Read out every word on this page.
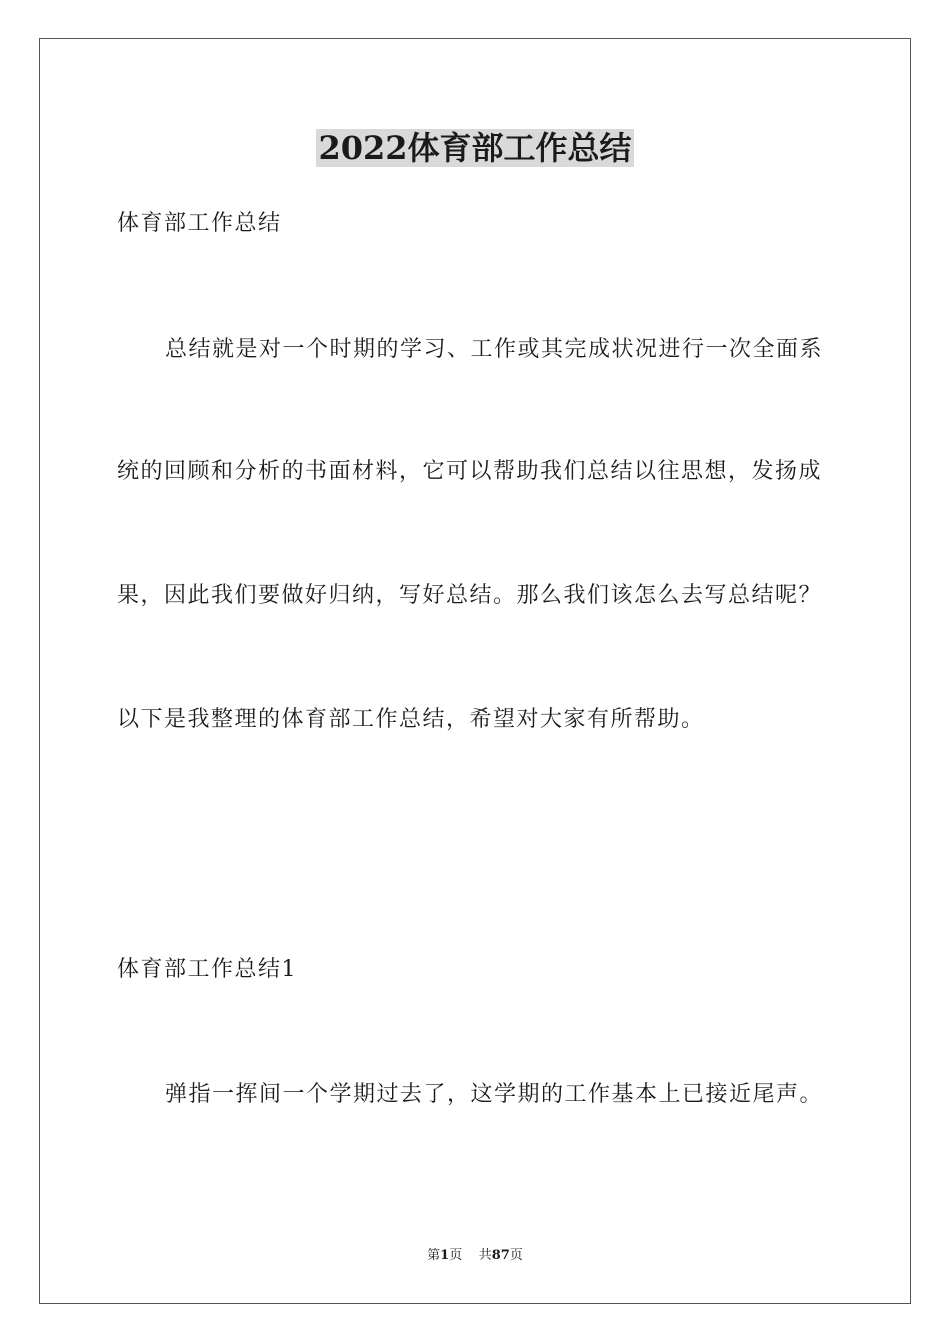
2022体育部工作总结
体育部工作总结
总结就是对一个时期的学习、工作或其完成状况进行一次全面系
统的回顾和分析的书面材料，它可以帮助我们总结以往思想，发扬成
果，因此我们要做好归纳，写好总结。那么我们该怎么去写总结呢？
以下是我整理的体育部工作总结，希望对大家有所帮助。
体育部工作总结1
弹指一挥间一个学期过去了，这学期的工作基本上已接近尾声。
第1页 共87页
